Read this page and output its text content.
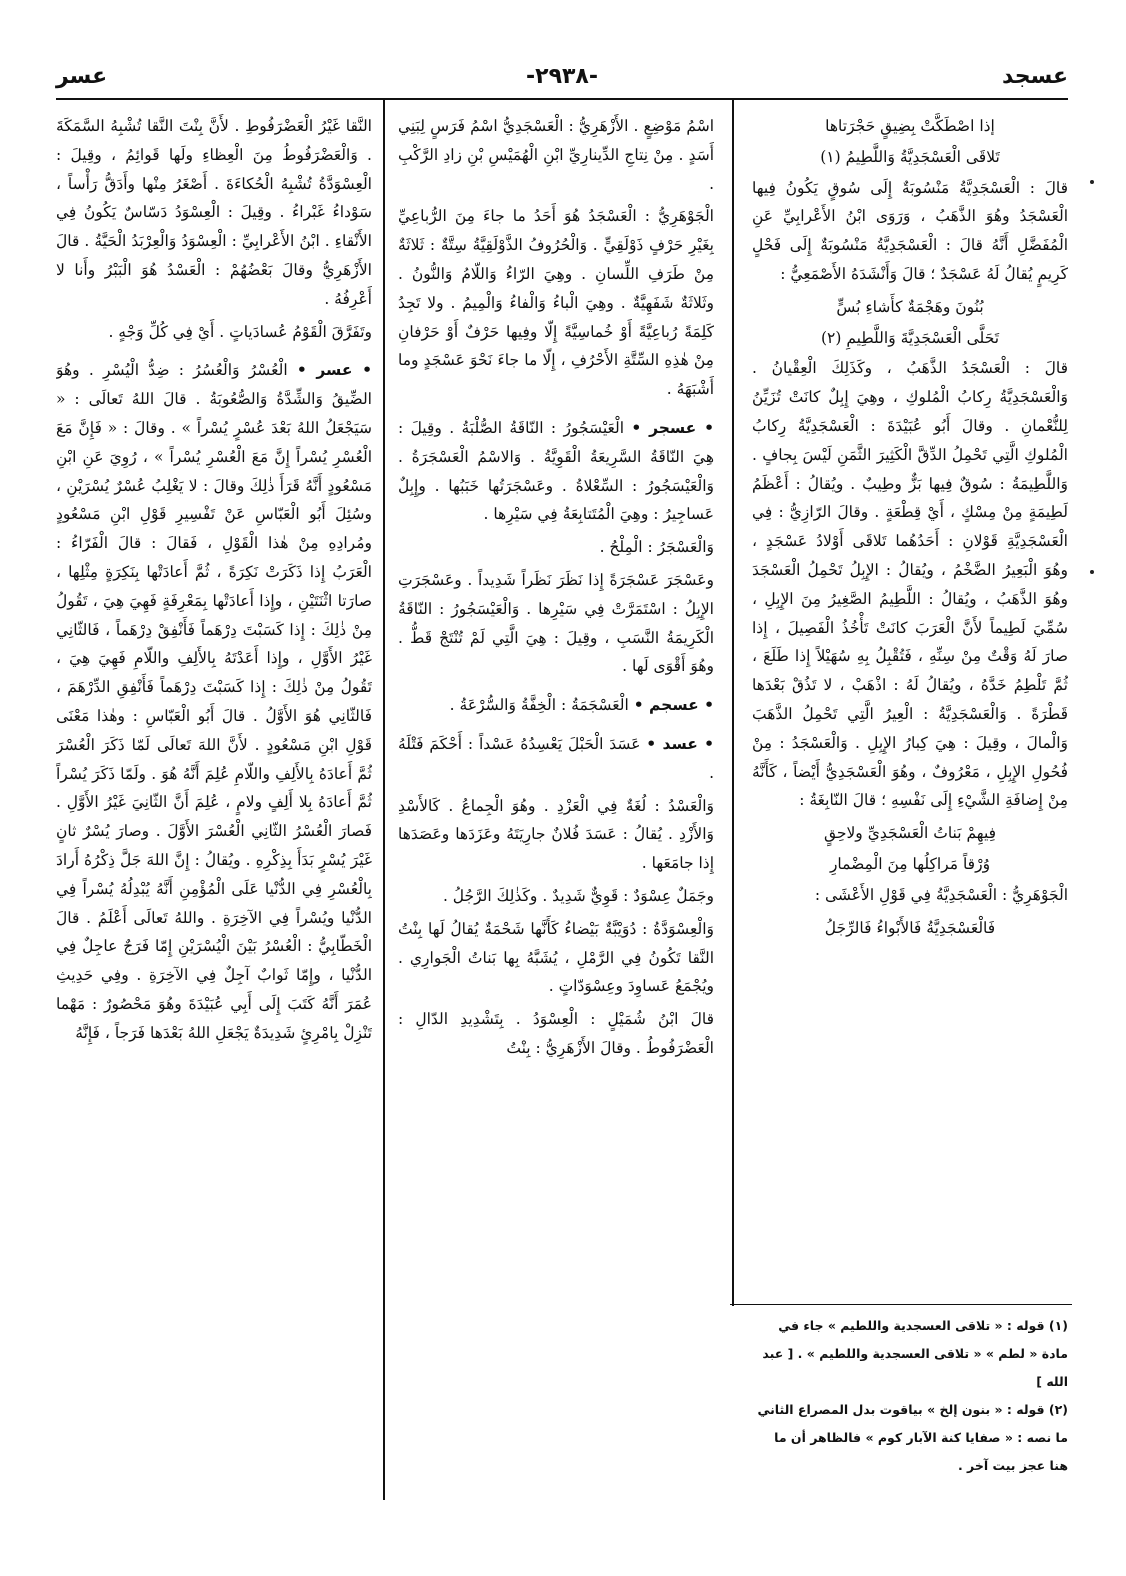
عسجد
-٢٩٣٨-
عسر

إذا اصْطَكَّتْ بِضِيقٍ حَجْرَتاها

تَلاقَى الْعَسْجَدِيَّةُ وَاللَّطِيمُ (١)

قالَ : الْعَسْجَدِيَّةُ مَنْسُوبَةٌ إِلَى سُوقٍ يَكُونُ فِيها الْعَسْجَدُ وهُوَ الذَّهَبُ ، وَرَوَى ابْنُ الأَعْرابِيِّ عَنِ الْمُفَضَّلِ أَنَّهُ قالَ : الْعَسْجَدِيَّةُ مَنْسُوبَةٌ إِلَى فَحْلٍ كَرِيمٍ يُقالُ لَهُ عَسْجَدٌ ؛ قالَ وَأَنْشَدَهُ الأَصْمَعِيُّ :

بُنُونَ وهَجْمَةٌ كأَشاءِ بُسٍّ

تَحَلَّى الْعَسْجَدِيَّةَ وَاللَّطِيمِ (٢)

قالَ : الْعَسْجَدُ الذَّهَبُ ، وكَذَلِكَ الْعِقْيانُ . وَالْعَسْجَدِيَّةُ رِكابُ الْمُلوكِ ، وهِيَ إِبِلٌ كانَتْ تُزَيِّنُ لِلنُّعْمانِ . وقالَ أَبُو عُبَيْدَةَ : الْعَسْجَدِيَّةُ رِكابُ الْمُلوكِ الَّتِي تَحْمِلُ الدِّقَّ الْكَثِيرَ الثَّمَنِ لَيْسَ بِجافٍ . وَاللَّطِيمَةُ : سُوقٌ فِيها بَزٌّ وطِيبٌ . ويُقالُ : أَعْظَمُ لَطِيمَةٍ مِنْ مِسْكٍ ، أَيْ قِطْعَةٍ . وقالَ الرّازِيُّ : فِي الْعَسْجَدِيَّةِ قَوْلانِ : أَحَدُهُما تَلاقَى أَوْلادُ عَسْجَدٍ ، وهُوَ الْبَعِيرُ الضَّخْمُ ، ويُقالُ : الإِبِلُ تَحْمِلُ الْعَسْجَدَ وهُوَ الذَّهَبُ ، ويُقالُ : اللَّطِيمُ الصَّغِيرُ مِنَ الإِبِلِ ، سُمِّيَ لَطِيماً لأَنَّ الْعَرَبَ كانَتْ تَأْخُذُ الْفَصِيلَ ، إِذا صارَ لَهُ وَقْتٌ مِنْ سِنِّهِ ، فَتُقْبِلُ بِهِ سُهَيْلاً إِذا طَلَعَ ، ثُمَّ تَلْطِمُ خَدَّهُ ، ويُقالُ لَهُ : اذْهَبْ ، لا تَذُقْ بَعْدَها قَطْرَةً . وَالْعَسْجَدِيَّةُ : الْعِيرُ الَّتِي تَحْمِلُ الذَّهَبَ وَالْمالَ ، وقِيلَ : هِيَ كِبارُ الإِبِلِ . وَالْعَسْجَدُ : مِنْ فُحُولِ الإِبِلِ ، مَعْرُوفٌ ، وهُوَ الْعَسْجَدِيُّ أَيْضاً ، كَأَنَّهُ مِنْ إِضافَةِ الشَّيْءِ إِلَى نَفْسِهِ ؛ قالَ النّابِغَةُ :

فِيهِمْ بَناتُ الْعَسْجَدِيِّ ولاحِقٍ

وُرْقاً مَراكِلُها مِنَ الْمِضْمارِ

الْجَوْهَرِيُّ : الْعَسْجَدِيَّةُ فِي قَوْلِ الأَعْشَى :

فَالْعَسْجَدِيَّةُ فَالأَبْواءُ فَالرِّجَلُ

اسْمُ مَوْضِعٍ . الأَزْهَرِيُّ : الْعَسْجَدِيُّ اسْمُ فَرَسٍ لِبَنِي أَسَدٍ . مِنْ نِتاجِ الدِّينارِيِّ ابْنِ الْهُمَيْسِ بْنِ زادِ الرَّكْبِ .

الْجَوْهَرِيُّ : الْعَسْجَدُ هُوَ أَحَدُ ما جاءَ مِنَ الرُّباعِيِّ بِغَيْرِ حَرْفٍ ذَوْلَقِيٍّ . وَالْحُرُوفُ الذَّوْلَقِيَّةُ سِتَّةٌ : ثَلاثَةٌ مِنْ طَرَفِ اللِّسانِ . وهِيَ الرّاءُ وَاللّامُ وَالنُّونُ . وثَلاثَةٌ شَفَهِيَّةٌ . وهِيَ الْباءُ وَالْفاءُ وَالْمِيمُ . ولا تَجِدُ كَلِمَةً رُباعِيَّةً أَوْ خُماسِيَّةً إِلّا وفِيها حَرْفٌ أَوْ حَرْفانِ مِنْ هٰذِهِ السِّتَّةِ الأَحْرُفِ ، إِلّا ما جاءَ نَحْوَ عَسْجَدٍ وما أَشْبَهَهُ .

• عسجر • الْعَيْسَجُورُ : النّاقَةُ الصُّلْبَةُ . وقِيلَ : هِيَ النّاقَةُ السَّرِيعَةُ الْقَوِيَّةُ . وَالاسْمُ الْعَسْجَرَةُ . وَالْعَيْسَجُورُ : السِّعْلاةُ . وعَسْجَرَتُها خَبَبُها . وإِبِلٌ عَساجِيرُ : وهِيَ الْمُتَتابِعَةُ فِي سَيْرِها .

وَالْعَسْجَرُ : الْمِلْحُ .

وعَسْجَرَ عَسْجَرَةً إِذا نَظَرَ نَظَراً شَدِيداً . وعَسْجَرَتِ الإِبِلُ : اسْتَمَرَّتْ فِي سَيْرِها . وَالْعَيْسَجُورُ : النّاقَةُ الْكَرِيمَةُ النَّسَبِ ، وقِيلَ : هِيَ الَّتِي لَمْ تُنْتَجْ قَطُّ . وهُوَ أَقْوَى لَها .

• عسجم • الْعَسْجَمَةُ : الْخِفَّةُ وَالسُّرْعَةُ .

• عسد • عَسَدَ الْحَبْلَ يَعْسِدُهُ عَسْداً : أَحْكَمَ فَتْلَهُ .

وَالْعَسْدُ : لُغَةٌ فِي الْعَزْدِ . وهُوَ الْجِماعُ . كَالأَسْدِ وَالأَزْدِ . يُقالُ : عَسَدَ فُلانٌ جارِيَتَهُ وعَزَدَها وعَصَدَها إِذا جامَعَها .

وجَمَلٌ عِسْوَدٌ : قَوِيٌّ شَدِيدٌ . وكَذٰلِكَ الرَّجُلُ .

وَالْعِسْوَدَّةُ : دُوَيْبَّةٌ بَيْضاءُ كَأَنَّها شَحْمَةٌ يُقالُ لَها بِنْتُ النَّقا تَكُونُ فِي الرَّمْلِ ، يُشَبَّهُ بِها بَناتُ الْجَوارِي . ويُجْمَعُ عَساوِدَ وعِسْوَدّاتٍ .

قالَ ابْنُ شُمَيْلٍ : الْعِسْوَدُ . بِتَشْدِيدِ الدّالِ : الْعَضْرَفُوطُ . وقالَ الأَزْهَرِيُّ : بِنْتُ

النَّقا غَيْرُ الْعَضْرَفُوطِ . لأَنَّ بِنْتَ النَّقا تُشْبِهُ السَّمَكَةَ . وَالْعَضْرَفُوطُ مِنَ الْعِظاءِ ولَها قَوائِمُ ، وقِيلَ : الْعِسْوَدَّةُ تُشْبِهُ الْحُكاءَةَ . أَصْغَرُ مِنْها وأَدَقُّ رَأْساً ، سَوْداءُ غَبْراءُ . وقِيلَ : الْعِسْوَدُ دَسّاسٌ يَكُونُ فِي الأَنْقاءِ . ابْنُ الأَعْرابِيِّ : الْعِسْوَدُ وَالْعِرْبَدُ الْحَيَّةُ . قالَ الأَزْهَرِيُّ وقالَ بَعْضُهُمْ : الْعَسْدُ هُوَ الْبَبْرُ وأَنا لا أَعْرِفُهُ .

وتَفَرَّقَ الْقَوْمُ عُسادَياتٍ . أَيْ فِي كُلِّ وَجْهٍ .

• عسر • الْعُسْرُ وَالْعُسُرُ : ضِدُّ الْيُسْرِ . وهُوَ الضِّيقُ وَالشِّدَّةُ وَالصُّعُوبَةُ . قالَ اللهُ تَعالَى : « سَيَجْعَلُ اللهُ بَعْدَ عُسْرٍ يُسْراً » . وقالَ : « فَإِنَّ مَعَ الْعُسْرِ يُسْراً إِنَّ مَعَ الْعُسْرِ يُسْراً » ، رُوِيَ عَنِ ابْنِ مَسْعُودٍ أَنَّهُ قَرَأَ ذٰلِكَ وقالَ : لا يَغْلِبُ عُسْرٌ يُسْرَيْنِ ، وسُئِلَ أَبُو الْعَبّاسِ عَنْ تَفْسِيرِ قَوْلِ ابْنِ مَسْعُودٍ ومُرادِهِ مِنْ هٰذا الْقَوْلِ ، فَقالَ : قالَ الْفَرّاءُ : الْعَرَبُ إِذا ذَكَرَتْ نَكِرَةً ، ثُمَّ أَعادَتْها بِنَكِرَةٍ مِثْلِها ، صارَتا اثْنَتَيْنِ ، وإِذا أَعادَتْها بِمَعْرِفَةٍ فَهِيَ هِيَ ، تَقُولُ مِنْ ذٰلِكَ : إِذا كَسَبْتَ دِرْهَماً فَأَنْفِقْ دِرْهَماً ، فَالثّانِي غَيْرُ الأَوَّلِ ، وإِذا أَعَدْتَهُ بِالأَلِفِ واللّامِ فَهِيَ هِيَ ، تَقُولُ مِنْ ذٰلِكَ : إِذا كَسَبْتَ دِرْهَماً فَأَنْفِقِ الدِّرْهَمَ ، فَالثّانِي هُوَ الأَوَّلُ . قالَ أَبُو الْعَبّاسِ : وهٰذا مَعْنَى قَوْلِ ابْنِ مَسْعُودٍ . لأَنَّ اللهَ تَعالَى لَمّا ذَكَرَ الْعُسْرَ ثُمَّ أَعادَهُ بِالأَلِفِ واللّامِ عُلِمَ أَنَّهُ هُوَ . ولَمّا ذَكَرَ يُسْراً ثُمَّ أَعادَهُ بِلا أَلِفٍ ولامٍ ، عُلِمَ أَنَّ الثّانِيَ غَيْرُ الأَوَّلِ . فَصارَ الْعُسْرُ الثّانِي الْعُسْرَ الأَوَّلَ . وصارَ يُسْرٌ ثانٍ غَيْرَ يُسْرٍ بَدَأَ بِذِكْرِهِ . ويُقالُ : إِنَّ اللهَ جَلَّ ذِكْرُهُ أَرادَ بِالْعُسْرِ فِي الدُّنْيا عَلَى الْمُؤْمِنِ أَنَّهُ يُبْدِلُهُ يُسْراً فِي الدُّنْيا ويُسْراً فِي الآخِرَةِ . واللهُ تَعالَى أَعْلَمُ . قالَ الْخَطّابِيُّ : الْعُسْرُ بَيْنَ الْيُسْرَيْنِ إِمّا فَرَجٌ عاجِلٌ فِي الدُّنْيا ، وإِمّا ثَوابٌ آجِلٌ فِي الآخِرَةِ . وفِي حَدِيثِ عُمَرَ أَنَّهُ كَتَبَ إِلَى أَبِي عُبَيْدَةَ وهُوَ مَحْصُورٌ : مَهْما تَنْزِلْ بِامْرِئٍ شَدِيدَةٌ يَجْعَلِ اللهُ بَعْدَها فَرَجاً ، فَإِنَّهُ

(١) قوله : « تلاقى العسجدية واللطيم » جاء في مادة « لطم » « تلاقى العسجدية واللطيم » . [ عبد الله ]

(٢) قوله : « بنون إلخ » بياقوت بدل المصراع الثاني ما نصه : « صفايا كنة الآبار كوم » فالظاهر أن ما هنا عجز بيت آخر .
